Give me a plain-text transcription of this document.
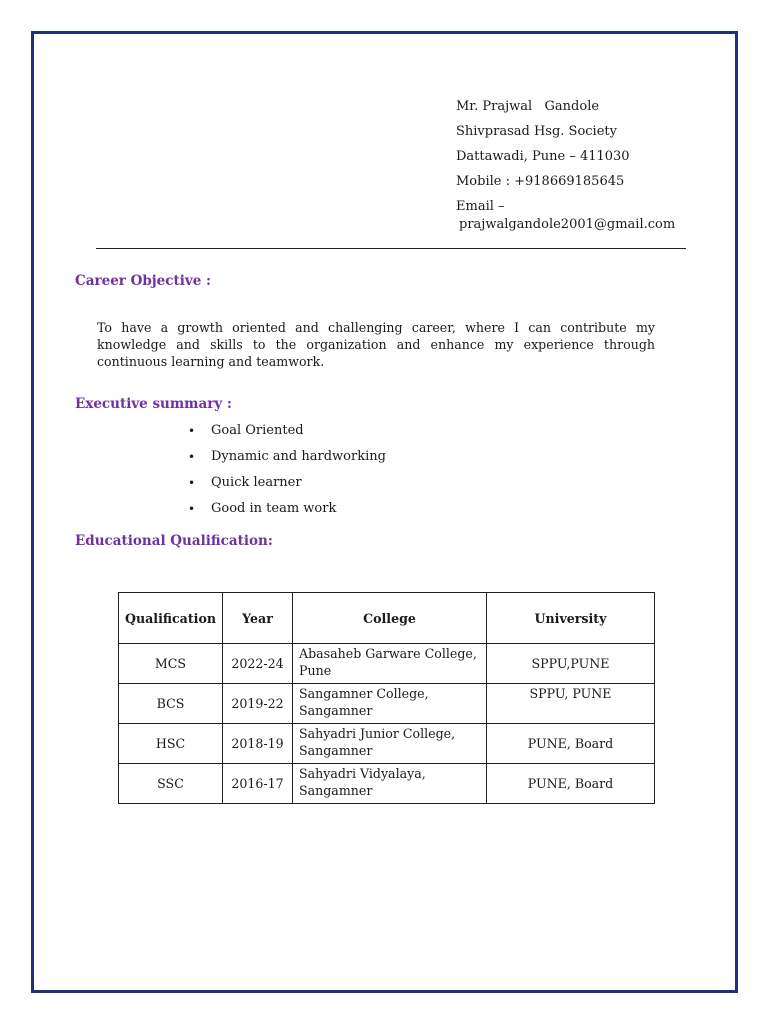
Mr. Prajwal   Gandole
Shivprasad Hsg. Society
Dattawadi, Pune – 411030
Mobile : +918669185645
Email –
prajwalgandole2001@gmail.com
Career Objective :
To have a growth oriented and challenging career, where I can contribute my knowledge and skills to the organization and enhance my experience through continuous learning and teamwork.
Executive summary :
• Goal Oriented
• Dynamic and hardworking
• Quick learner
• Good in team work
Educational Qualification:
Qualification	Year	College	University
MCS	2022-24	Abasaheb Garware College, Pune	SPPU,PUNE
BCS	2019-22	Sangamner College, Sangamner	SPPU, PUNE
HSC	2018-19	Sahyadri Junior College, Sangamner	PUNE, Board
SSC	2016-17	Sahyadri Vidyalaya, Sangamner	PUNE, Board
